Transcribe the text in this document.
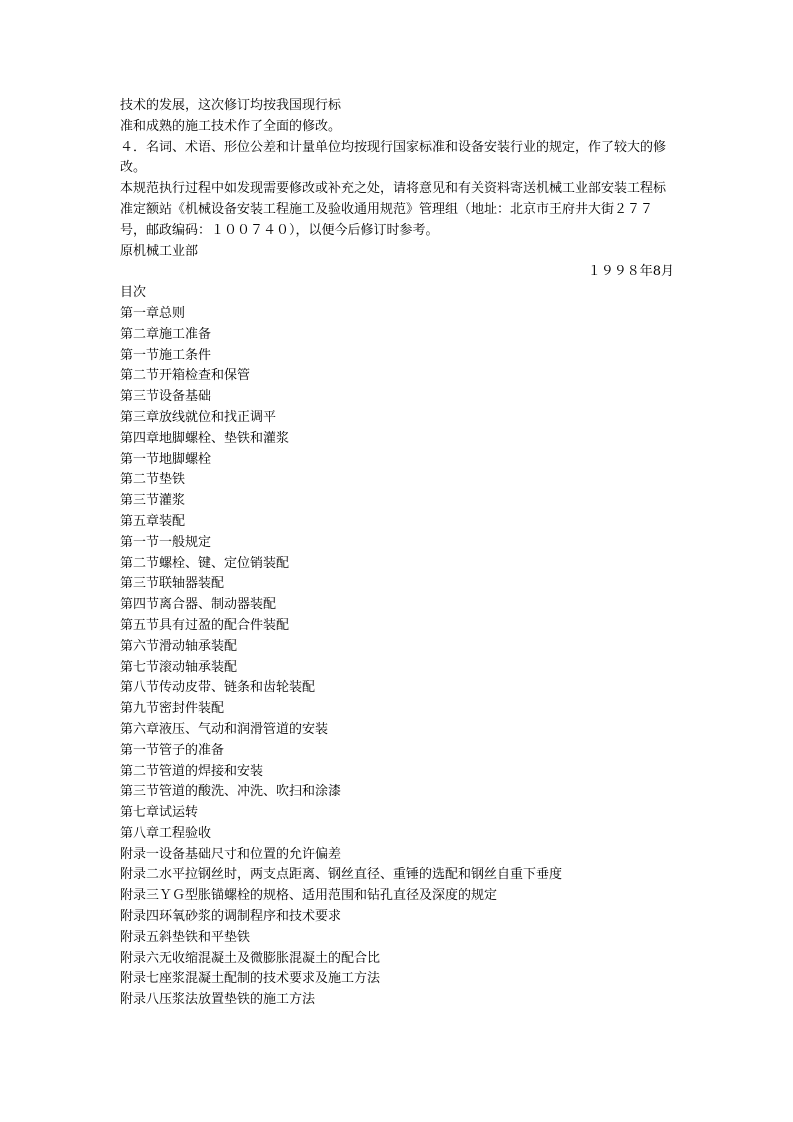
技术的发展，这次修订均按我国现行标

准和成熟的施工技术作了全面的修改。

４．名词、术语、形位公差和计量单位均按现行国家标准和设备安装行业的规定，作了较大的修改。

本规范执行过程中如发现需要修改或补充之处，请将意见和有关资料寄送机械工业部安装工程标准定额站《机械设备安装工程施工及验收通用规范》管理组（地址：北京市王府井大街２７７号，邮政编码：１００７４０），以便今后修订时参考。

原机械工业部

１９９８年8月

目次

第一章总则

第二章施工准备

第一节施工条件

第二节开箱检查和保管

第三节设备基础

第三章放线就位和找正调平

第四章地脚螺栓、垫铁和灌浆

第一节地脚螺栓

第二节垫铁

第三节灌浆

第五章装配

第一节一般规定

第二节螺栓、键、定位销装配

第三节联轴器装配

第四节离合器、制动器装配

第五节具有过盈的配合件装配

第六节滑动轴承装配

第七节滚动轴承装配

第八节传动皮带、链条和齿轮装配

第九节密封件装配

第六章液压、气动和润滑管道的安装

第一节管子的准备

第二节管道的焊接和安装

第三节管道的酸洗、冲洗、吹扫和涂漆

第七章试运转

第八章工程验收

附录一设备基础尺寸和位置的允许偏差

附录二水平拉钢丝时，两支点距离、钢丝直径、重锤的选配和钢丝自重下垂度

附录三ＹＧ型胀锚螺栓的规格、适用范围和钻孔直径及深度的规定

附录四环氧砂浆的调制程序和技术要求

附录五斜垫铁和平垫铁

附录六无收缩混凝土及微膨胀混凝土的配合比

附录七座浆混凝土配制的技术要求及施工方法

附录八压浆法放置垫铁的施工方法
